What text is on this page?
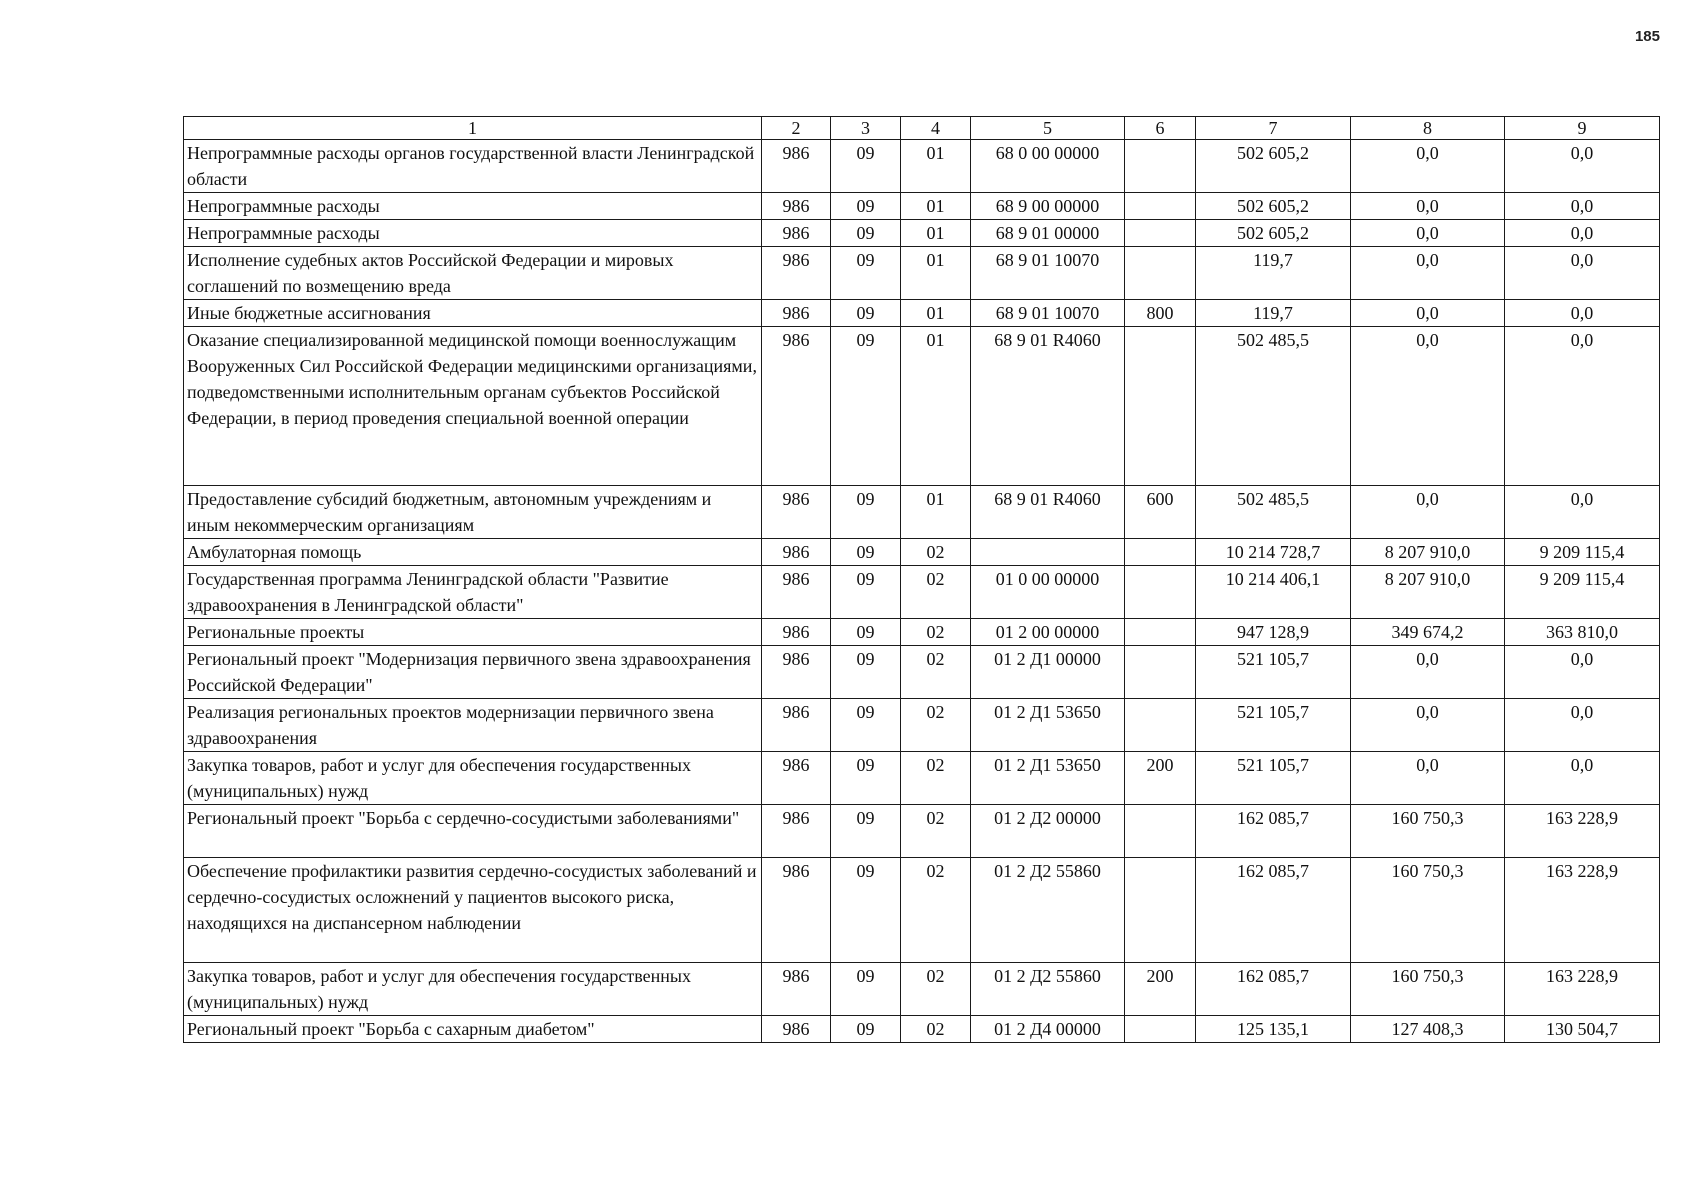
185
1	2	3	4	5	6	7	8	9
Непрограммные расходы органов государственной власти Ленинградской области	986	09	01	68 0 00 00000		502 605,2	0,0	0,0
Непрограммные расходы	986	09	01	68 9 00 00000		502 605,2	0,0	0,0
Непрограммные расходы	986	09	01	68 9 01 00000		502 605,2	0,0	0,0
Исполнение судебных актов Российской Федерации и мировых соглашений по возмещению вреда	986	09	01	68 9 01 10070		119,7	0,0	0,0
Иные бюджетные ассигнования	986	09	01	68 9 01 10070	800	119,7	0,0	0,0
Оказание специализированной медицинской помощи военнослужащим Вооруженных Сил Российской Федерации медицинскими организациями, подведомственными исполнительным органам субъектов Российской Федерации, в период проведения специальной военной операции	986	09	01	68 9 01 R4060		502 485,5	0,0	0,0
Предоставление субсидий бюджетным, автономным учреждениям и иным некоммерческим организациям	986	09	01	68 9 01 R4060	600	502 485,5	0,0	0,0
Амбулаторная помощь	986	09	02			10 214 728,7	8 207 910,0	9 209 115,4
Государственная программа Ленинградской области "Развитие здравоохранения в Ленинградской области"	986	09	02	01 0 00 00000		10 214 406,1	8 207 910,0	9 209 115,4
Региональные проекты	986	09	02	01 2 00 00000		947 128,9	349 674,2	363 810,0
Региональный проект "Модернизация первичного звена здравоохранения Российской Федерации"	986	09	02	01 2 Д1 00000		521 105,7	0,0	0,0
Реализация региональных проектов модернизации первичного звена здравоохранения	986	09	02	01 2 Д1 53650		521 105,7	0,0	0,0
Закупка товаров, работ и услуг для обеспечения государственных (муниципальных) нужд	986	09	02	01 2 Д1 53650	200	521 105,7	0,0	0,0
Региональный проект "Борьба с сердечно-сосудистыми заболеваниями"	986	09	02	01 2 Д2 00000		162 085,7	160 750,3	163 228,9
Обеспечение профилактики развития сердечно-сосудистых заболеваний и сердечно-сосудистых осложнений у пациентов высокого риска, находящихся на диспансерном наблюдении	986	09	02	01 2 Д2 55860		162 085,7	160 750,3	163 228,9
Закупка товаров, работ и услуг для обеспечения государственных (муниципальных) нужд	986	09	02	01 2 Д2 55860	200	162 085,7	160 750,3	163 228,9
Региональный проект "Борьба с сахарным диабетом"	986	09	02	01 2 Д4 00000		125 135,1	127 408,3	130 504,7
